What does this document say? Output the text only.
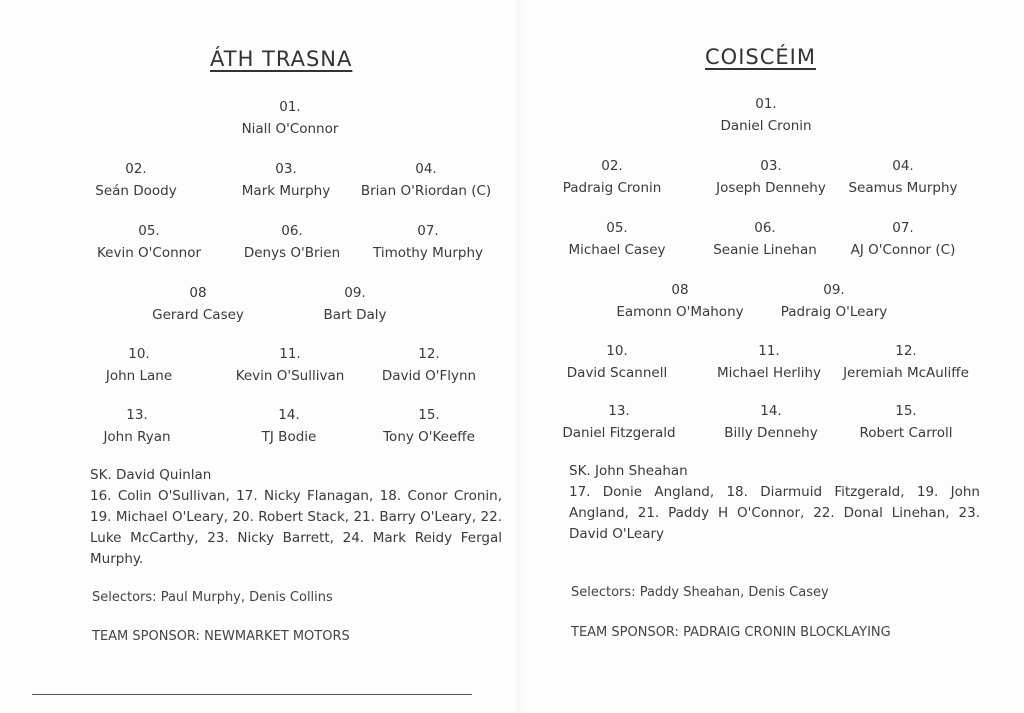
ÁTH TRASNA
01.
Niall O'Connor
02.
Seán Doody
03.
Mark Murphy
04.
Brian O'Riordan (C)
05.
Kevin O'Connor
06.
Denys O'Brien
07.
Timothy Murphy
08
Gerard Casey
09.
Bart Daly
10.
John Lane
11.
Kevin O'Sullivan
12.
David O'Flynn
13.
John Ryan
14.
TJ Bodie
15.
Tony O'Keeffe
SK. David Quinlan
16. Colin O'Sullivan, 17. Nicky Flanagan, 18. Conor Cronin, 19. Michael O'Leary, 20. Robert Stack, 21. Barry O'Leary, 22. Luke McCarthy, 23. Nicky Barrett, 24. Mark Reidy Fergal Murphy.
Selectors: Paul Murphy, Denis Collins
TEAM SPONSOR: NEWMARKET MOTORS
COISCÉIM
01.
Daniel Cronin
02.
Padraig Cronin
03.
Joseph Dennehy
04.
Seamus Murphy
05.
Michael Casey
06.
Seanie Linehan
07.
AJ O'Connor (C)
08
Eamonn O'Mahony
09.
Padraig O'Leary
10.
David Scannell
11.
Michael Herlihy
12.
Jeremiah McAuliffe
13.
Daniel Fitzgerald
14.
Billy Dennehy
15.
Robert Carroll
SK. John Sheahan
17. Donie Angland, 18. Diarmuid Fitzgerald, 19. John Angland, 21. Paddy H O'Connor, 22. Donal Linehan, 23. David O'Leary
Selectors: Paddy Sheahan, Denis Casey
TEAM SPONSOR: PADRAIG CRONIN BLOCKLAYING
